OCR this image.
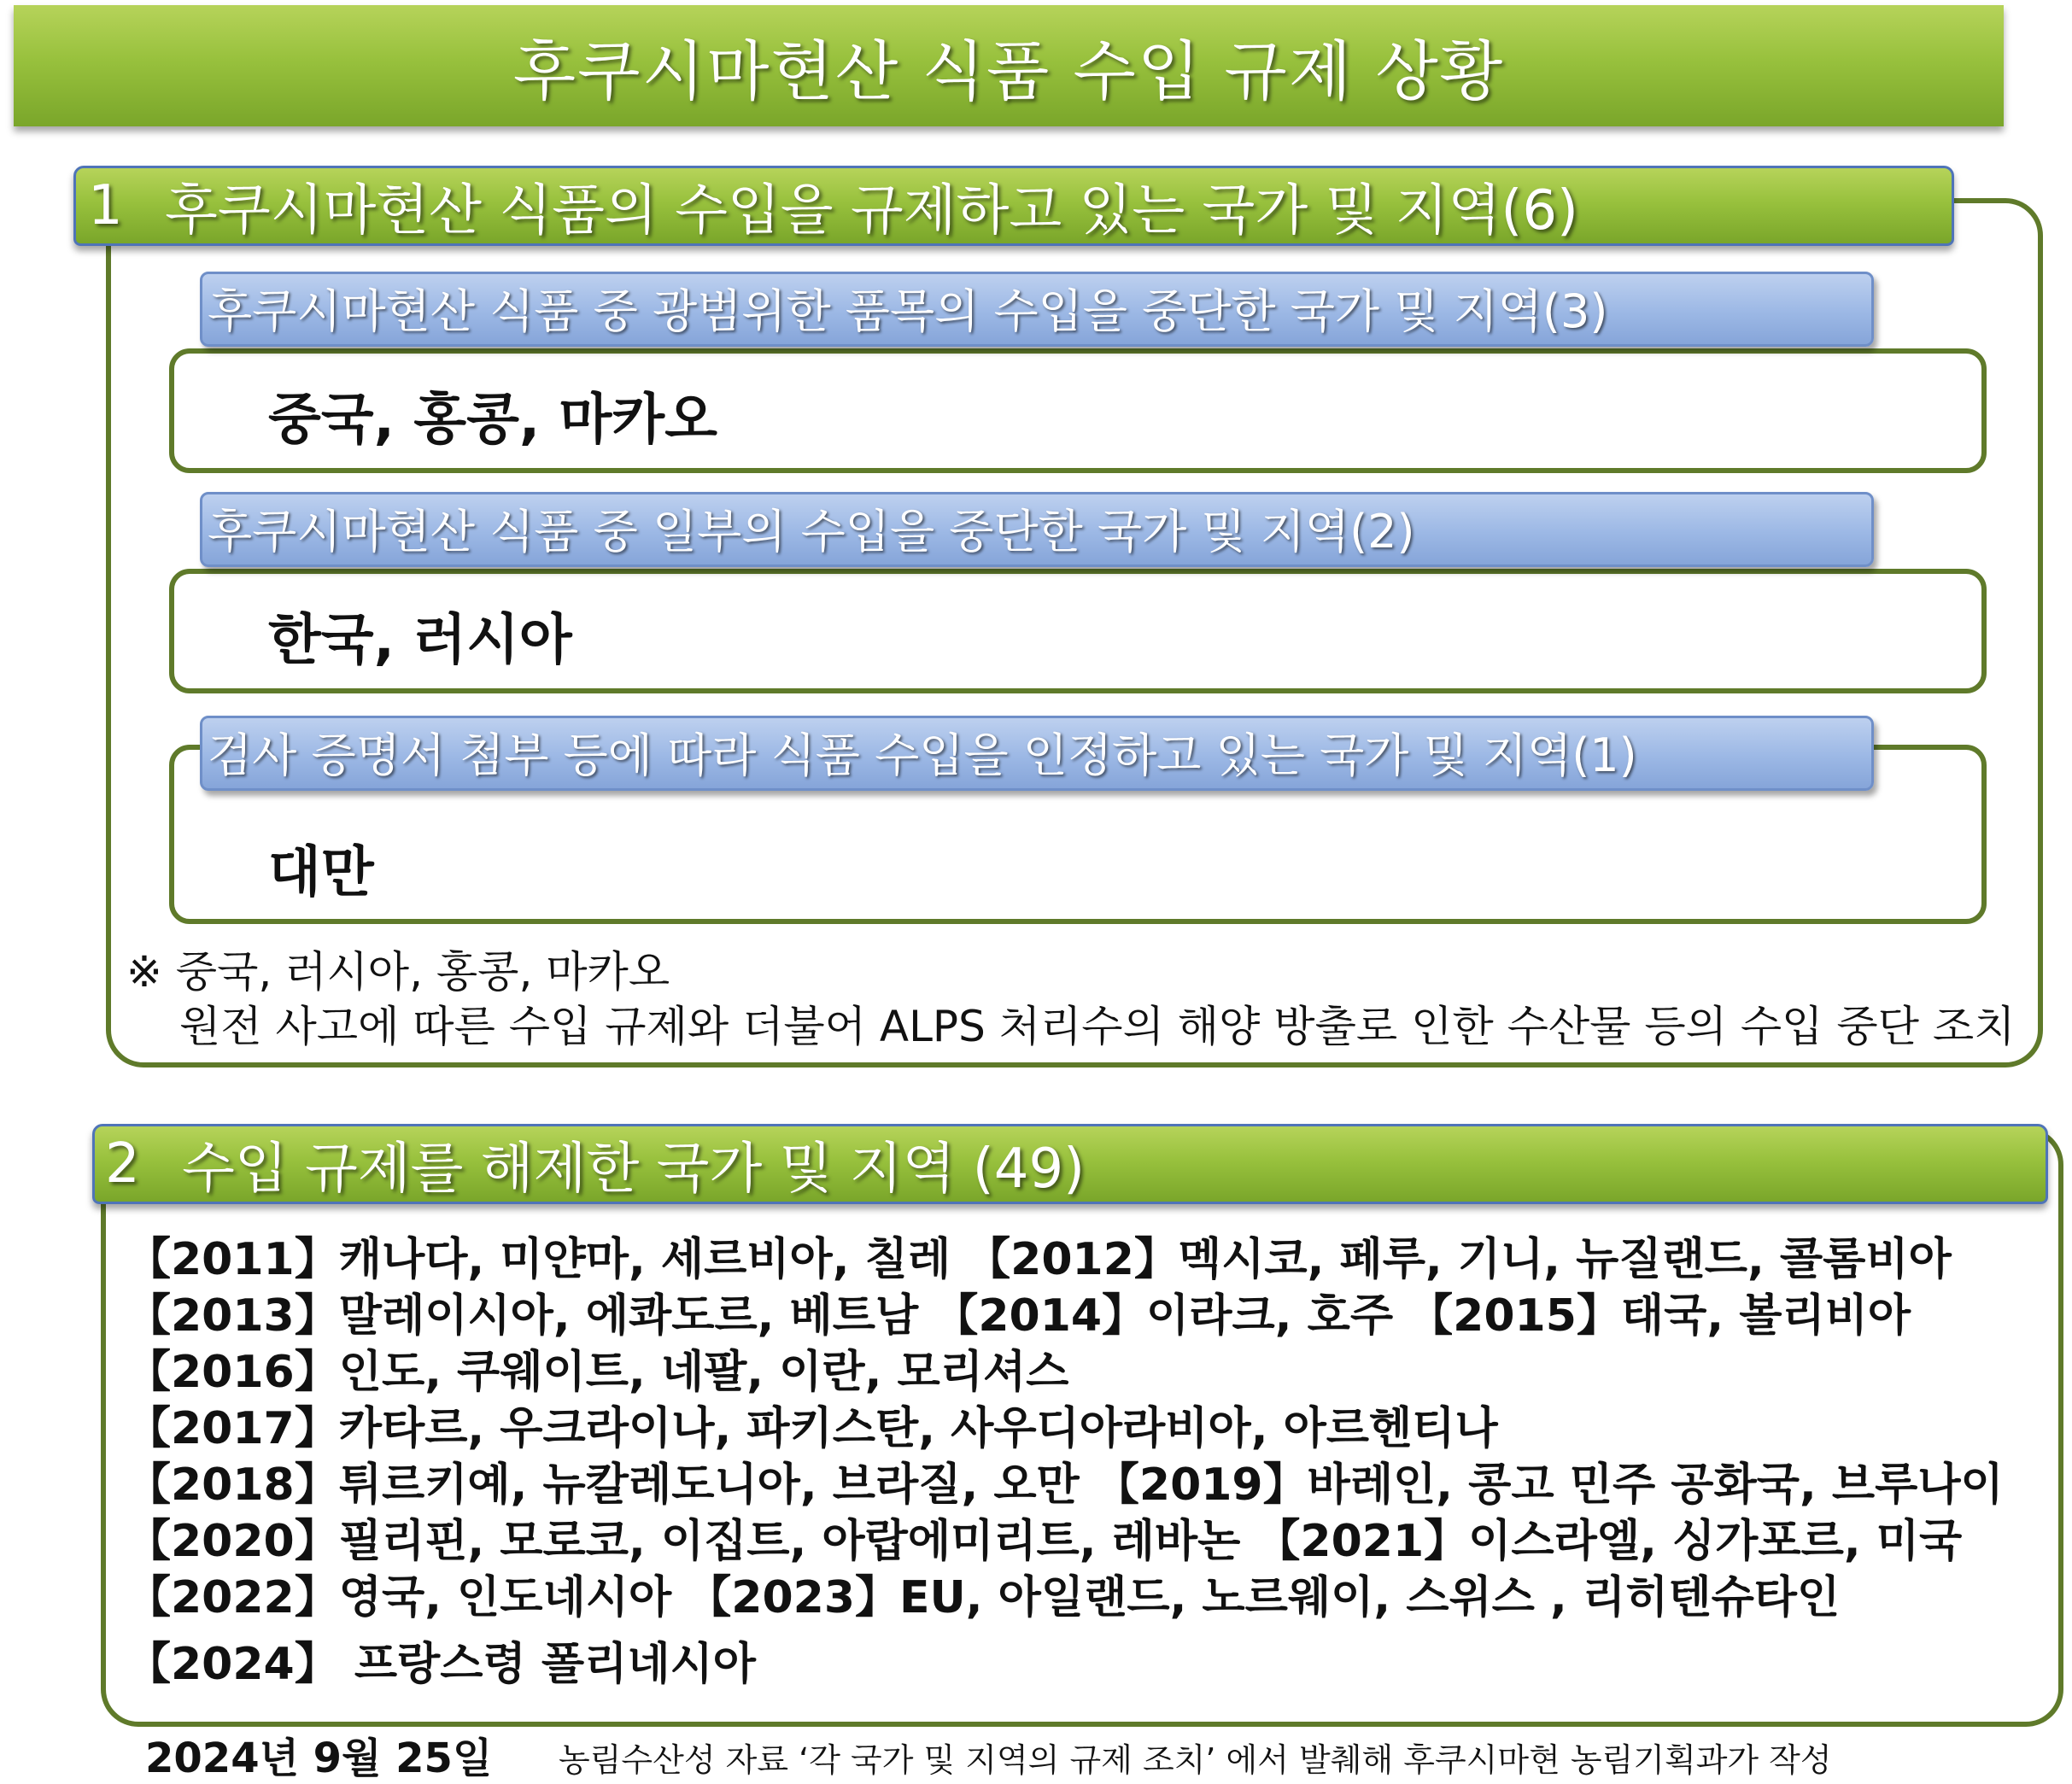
후쿠시마현산 식품 수입 규제 상황
1 후쿠시마현산 식품의 수입을 규제하고 있는 국가 및 지역(6)
중국, 홍콩, 마카오
후쿠시마현산 식품 중 광범위한 품목의 수입을 중단한 국가 및 지역(3)
한국, 러시아
후쿠시마현산 식품 중 일부의 수입을 중단한 국가 및 지역(2)
대만
검사 증명서 첨부 등에 따라 식품 수입을 인정하고 있는 국가 및 지역(1)
※ 중국, 러시아, 홍콩, 마카오
원전 사고에 따른 수입 규제와 더불어 ALPS 처리수의 해양 방출로 인한 수산물 등의 수입 중단 조치
2 수입 규제를 해제한 국가 및 지역 (49)
【2011】캐나다, 미얀마, 세르비아, 칠레 【2012】멕시코, 페루, 기니, 뉴질랜드, 콜롬비아
【2013】말레이시아, 에콰도르, 베트남 【2014】이라크, 호주 【2015】태국, 볼리비아
【2016】인도, 쿠웨이트, 네팔, 이란, 모리셔스
【2017】카타르, 우크라이나, 파키스탄, 사우디아라비아, 아르헨티나
【2018】튀르키예, 뉴칼레도니아, 브라질, 오만 【2019】바레인, 콩고 민주 공화국, 브루나이
【2020】필리핀, 모로코, 이집트, 아랍에미리트, 레바논 【2021】이스라엘, 싱가포르, 미국
【2022】영국, 인도네시아 【2023】EU, 아일랜드, 노르웨이, 스위스 , 리히텐슈타인
【2024】 프랑스령 폴리네시아
2024년 9월 25일 농림수산성 자료 ‘각 국가 및 지역의 규제 조치’ 에서 발췌해 후쿠시마현 농림기획과가 작성
